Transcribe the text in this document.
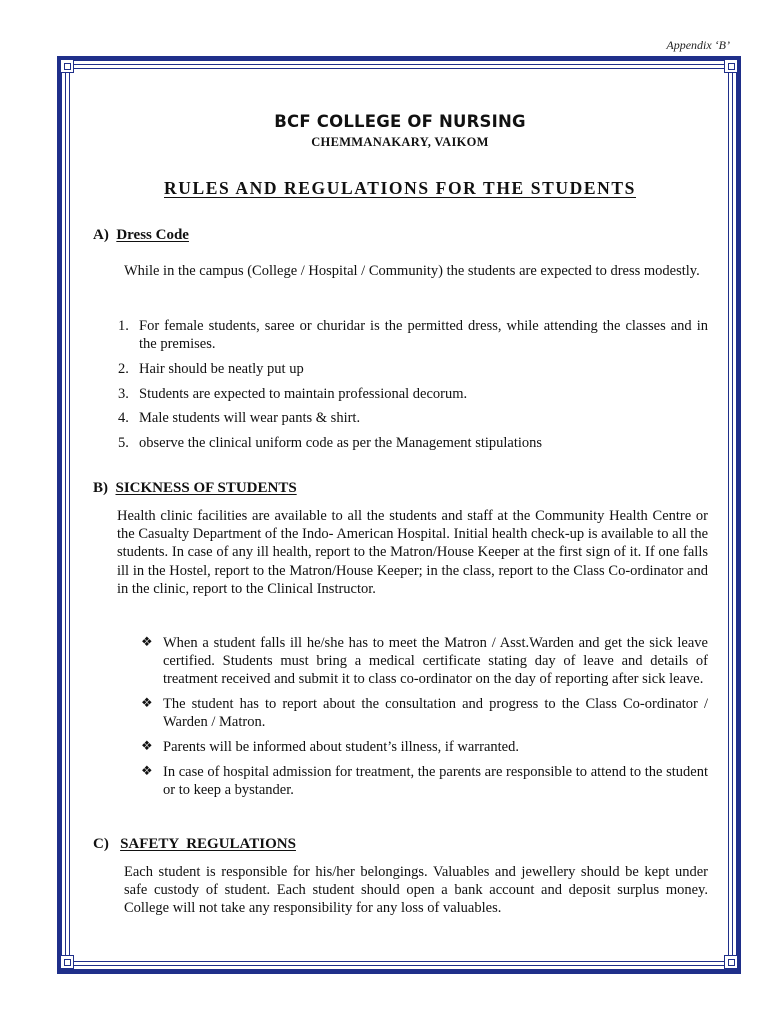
Appendix ‘B’
BCF COLLEGE OF NURSING
CHEMMANAKARY, VAIKOM
RULES AND REGULATIONS FOR THE STUDENTS
A) Dress Code
While in the campus (College / Hospital / Community) the students are expected to dress modestly.
1. For female students, saree or churidar is the permitted dress, while attending the classes and in the premises.
2. Hair should be neatly put up
3. Students are expected to maintain professional decorum.
4. Male students will wear pants & shirt.
5. observe the clinical uniform code as per the Management stipulations
B) SICKNESS OF STUDENTS
Health clinic facilities are available to all the students and staff at the Community Health Centre or the Casualty Department of the Indo- American Hospital. Initial health check-up is available to all the students. In case of any ill health, report to the Matron/House Keeper at the first sign of it. If one falls ill in the Hostel, report to the Matron/House Keeper; in the class, report to the Class Co-ordinator and in the clinic, report to the Clinical Instructor.
❖ When a student falls ill he/she has to meet the Matron / Asst.Warden and get the sick leave certified. Students must bring a medical certificate stating day of leave and details of treatment received and submit it to class co-ordinator on the day of reporting after sick leave.
❖ The student has to report about the consultation and progress to the Class Co-ordinator / Warden / Matron.
❖ Parents will be informed about student’s illness, if warranted.
❖ In case of hospital admission for treatment, the parents are responsible to attend to the student or to keep a bystander.
C) SAFETY  REGULATIONS
Each student is responsible for his/her belongings. Valuables and jewellery should be kept under safe custody of student. Each student should open a bank account and deposit surplus money. College will not take any responsibility for any loss of valuables.
